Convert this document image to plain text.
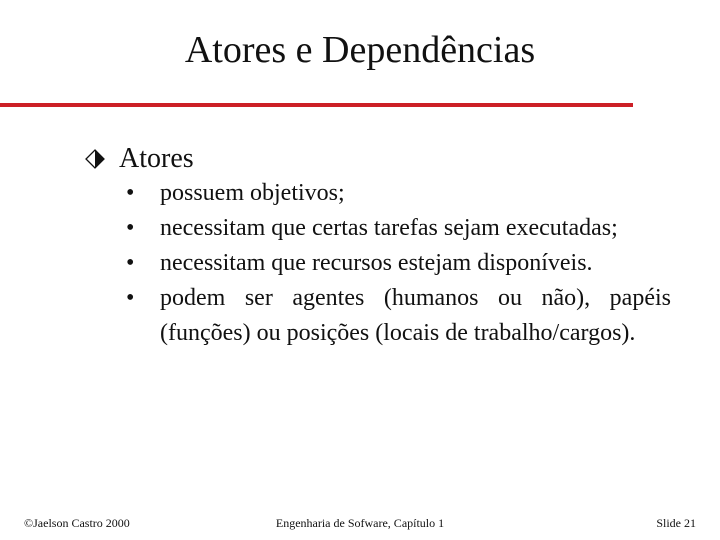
Atores e Dependências
Atores
•	possuem objetivos;
•	necessitam que certas tarefas sejam executadas;
•	necessitam que recursos estejam disponíveis.
•	podem ser agentes (humanos ou não), papéis (funções) ou posições (locais de trabalho/cargos).
©Jaelson Castro 2000	Engenharia de Sofware, Capítulo 1	Slide 21
